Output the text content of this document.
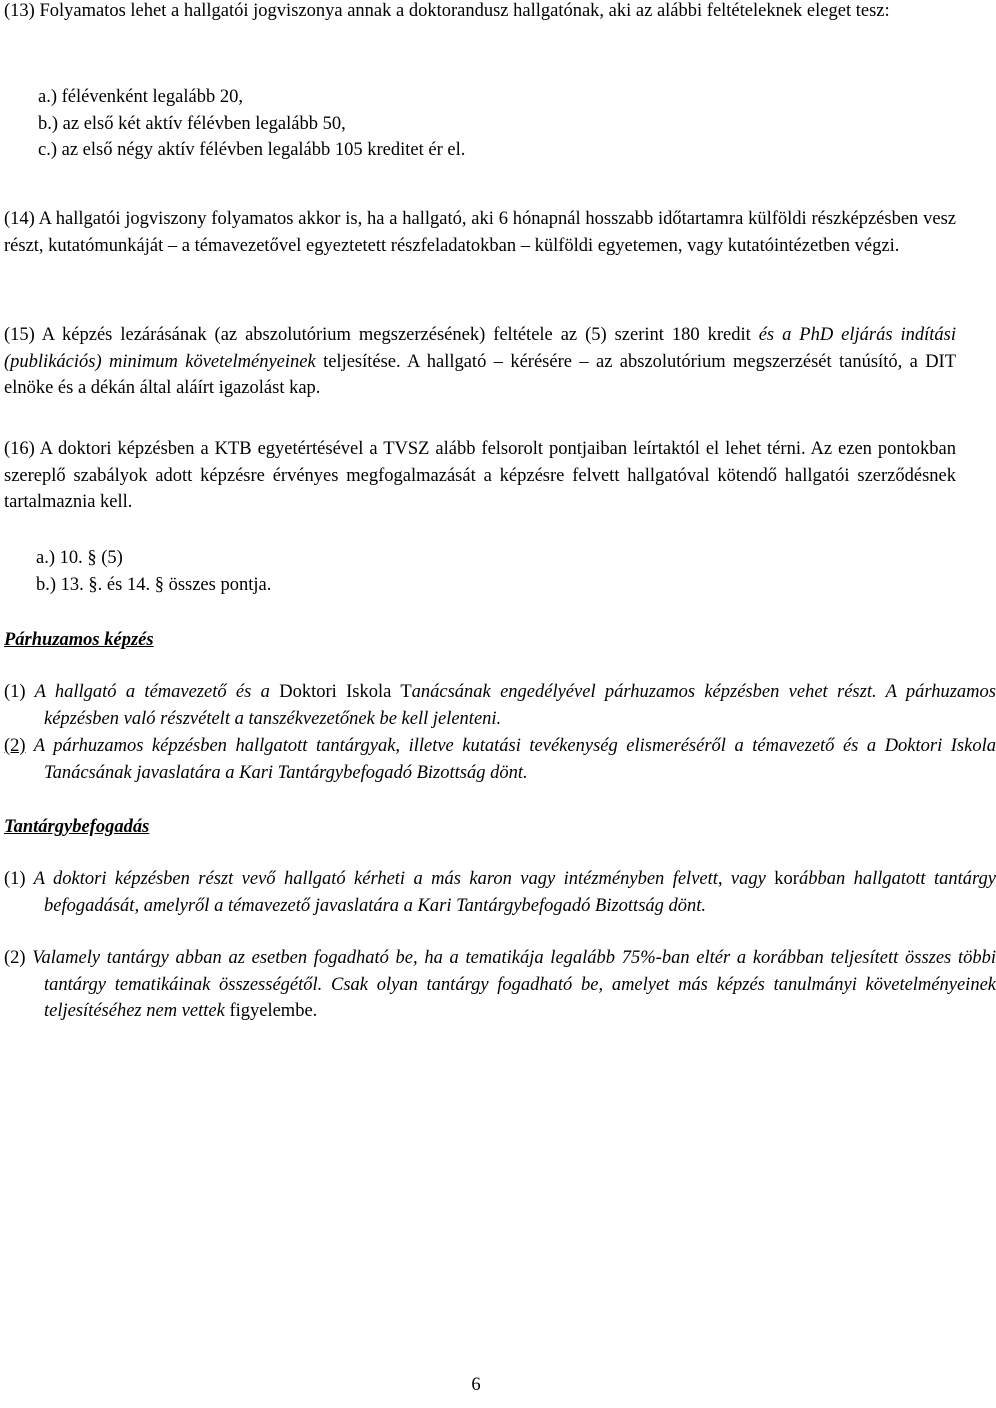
(13) Folyamatos lehet a hallgatói jogviszonya annak a doktorandusz hallgatónak, aki az alábbi feltételeknek eleget tesz:

a.) félévenként legalább 20,
b.) az első két aktív félévben legalább 50,
c.) az első négy aktív félévben legalább 105 kreditet ér el.

(14) A hallgatói jogviszony folyamatos akkor is, ha a hallgató, aki 6 hónapnál hosszabb időtartamra külföldi részképzésben vesz részt, kutatómunkáját – a témavezetővel egyeztetett részfeladatokban – külföldi egyetemen, vagy kutatóintézetben végzi.

(15) A képzés lezárásának (az abszolutórium megszerzésének) feltétele az (5) szerint 180 kredit és a PhD eljárás indítási (publikációs) minimum követelményeinek teljesítése. A hallgató – kérésére – az abszolutórium megszerzését tanúsító, a DIT elnöke és a dékán által aláírt igazolást kap.

(16) A doktori képzésben a KTB egyetértésével a TVSZ alább felsorolt pontjaiban leírtaktól el lehet térni. Az ezen pontokban szereplő szabályok adott képzésre érvényes megfogalmazását a képzésre felvett hallgatóval kötendő hallgatói szerződésnek tartalmaznia kell.

a.) 10. § (5)
b.) 13. §. és 14. § összes pontja.

Párhuzamos képzés

(1) A hallgató a témavezető és a Doktori Iskola Tanácsának engedélyével párhuzamos képzésben vehet részt. A párhuzamos képzésben való részvételt a tanszékvezetőnek be kell jelenteni.

(2) A párhuzamos képzésben hallgatott tantárgyak, illetve kutatási tevékenység elismeréséről a témavezető és a Doktori Iskola Tanácsának javaslatára a Kari Tantárgybefogadó Bizottság dönt.

Tantárgybefogadás

(1) A doktori képzésben részt vevő hallgató kérheti a más karon vagy intézményben felvett, vagy korábban hallgatott tantárgy befogadását, amelyről a témavezető javaslatára a Kari Tantárgybefogadó Bizottság dönt.

(2) Valamely tantárgy abban az esetben fogadható be, ha a tematikája legalább 75%-ban eltér a korábban teljesített összes többi tantárgy tematikáinak összességétől. Csak olyan tantárgy fogadható be, amelyet más képzés tanulmányi követelményeinek teljesítéséhez nem vettek figyelembe.

6
